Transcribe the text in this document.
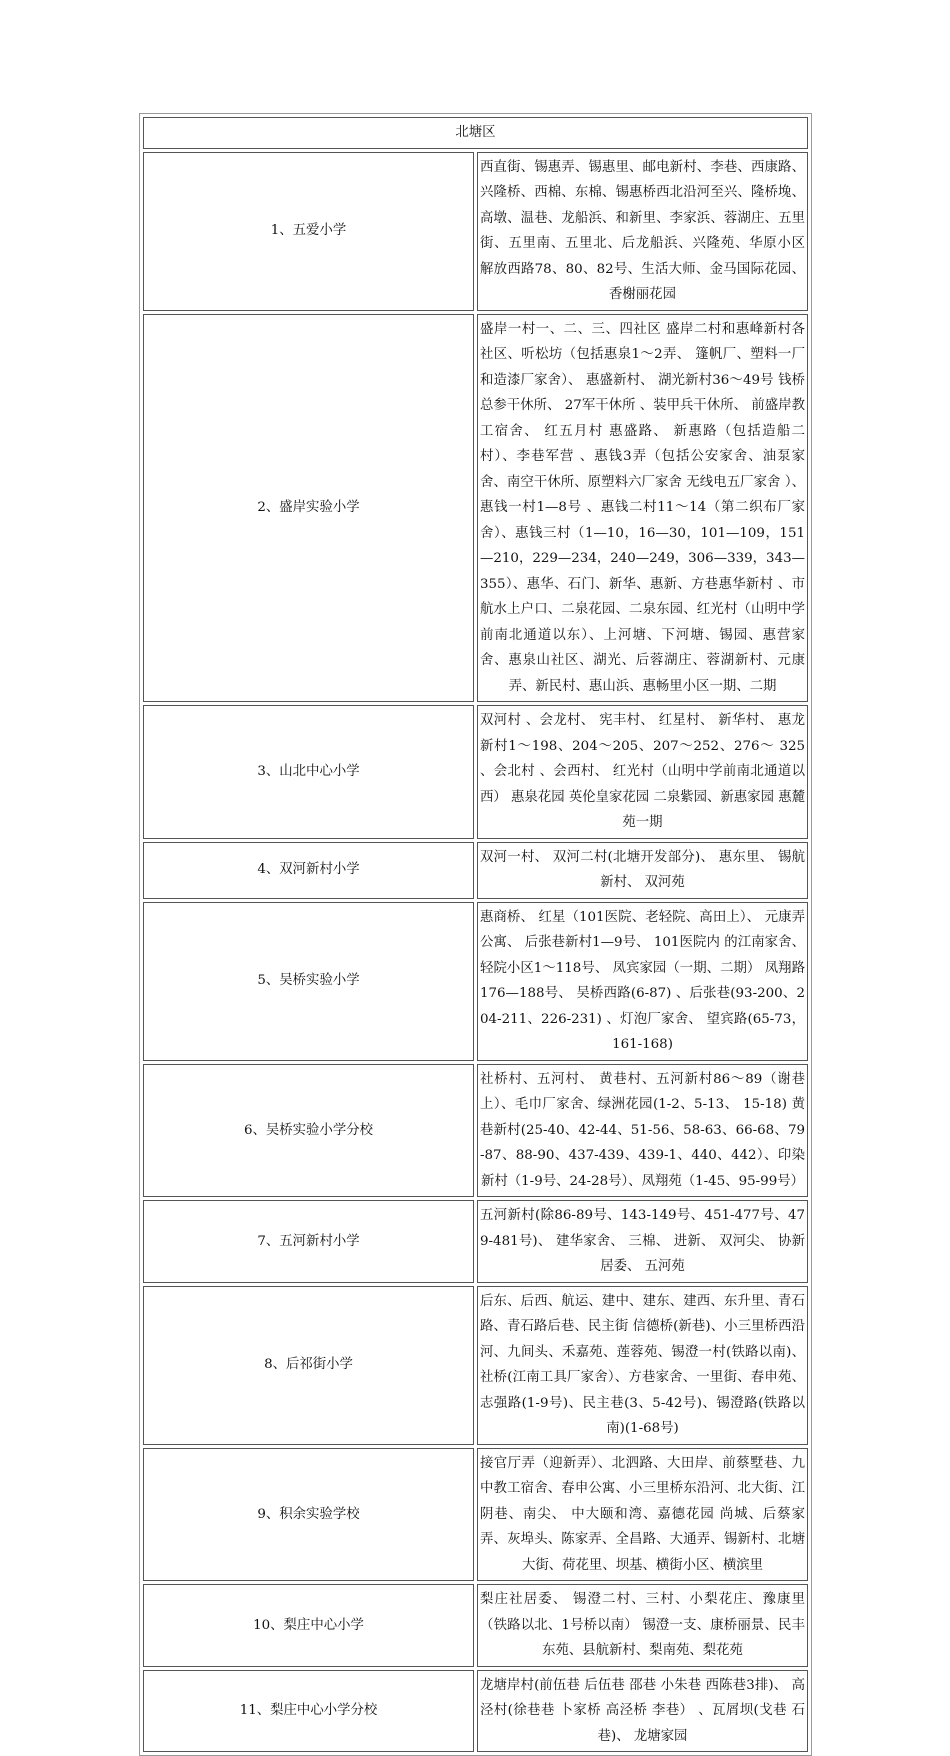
北塘区	
1、五爱小学	西直街、锡惠弄、锡惠里、邮电新村、李巷、西康路、兴隆桥、西棉、东棉、锡惠桥西北沿河至兴、隆桥堍、高墩、温巷、龙船浜、和新里、李家浜、蓉湖庄、五里街、五里南、五里北、后龙船浜、兴隆苑、华原小区 解放西路78、80、82号、生活大师、金马国际花园、香榭丽花园
2、盛岸实验小学	盛岸一村一、二、三、四社区 盛岸二村和惠峰新村各社区、听松坊（包括惠泉1～2弄、 篷帆厂、塑料一厂和造漆厂家舍）、 惠盛新村、 湖光新村36～49号 钱桥总参干休所、 27军干休所 、装甲兵干休所、 前盛岸教工宿舍、 红五月村 惠盛路、 新惠路（包括造船二村）、李巷军营 、惠钱3弄（包括公安家舍、油泵家舍、南空干休所、原塑料六厂家舍 无线电五厂家舍 ）、惠钱一村1—8号 、惠钱二村11～14（第二织布厂家舍）、惠钱三村（1—10，16—30，101—109，151—210，229—234，240—249，306—339，343—355）、惠华、石门、新华、惠新、方巷惠华新村 、市航水上户口、二泉花园、二泉东园、红光村（山明中学前南北通道以东）、上河塘、下河塘、锡园、惠营家舍、惠泉山社区、湖光、后蓉湖庄、蓉湖新村、元康弄、新民村、惠山浜、惠畅里小区一期、二期
3、山北中心小学	双河村 、会龙村、 宪丰村、 红星村、 新华村、 惠龙新村1～198、204～205、207～252、276～ 325 、会北村 、会西村、 红光村（山明中学前南北通道以西） 惠泉花园 英伦皇家花园 二泉紫园、新惠家园 惠麓苑一期
4、双河新村小学	双河一村、 双河二村(北塘开发部分)、 惠东里、 锡航新村、 双河苑
5、吴桥实验小学	惠商桥、 红星（101医院、老轻院、高田上）、 元康弄公寓、 后张巷新村1—9号、 101医院内 的江南家舍、 轻院小区1～118号、 凤宾家园（一期、二期） 凤翔路176—188号、 吴桥西路(6-87) 、后张巷(93-200、204-211、226-231) 、灯泡厂家舍、 望宾路(65-73，161-168)
6、吴桥实验小学分校	社桥村、五河村、 黄巷村、五河新村86～89（谢巷上）、毛巾厂家舍、绿洲花园(1-2、5-13、 15-18) 黄巷新村(25-40、42-44、51-56、58-63、66-68、79-87、88-90、437-439、439-1、440、442）、印染新村（1-9号、24-28号）、凤翔苑（1-45、95-99号）
7、五河新村小学	五河新村(除86-89号、143-149号、451-477号、479-481号)、 建华家舍、 三棉、 进新、 双河尖、 协新居委、 五河苑
8、后祁街小学	后东、后西、航运、建中、建东、建西、东升里、青石路、青石路后巷、民主街 信德桥(新巷)、小三里桥西沿河、九间头、禾嘉苑、莲蓉苑、锡澄一村(铁路以南)、社桥(江南工具厂家舍）、方巷家舍、一里街、春申苑、志强路(1-9号)、民主巷(3、5-42号)、锡澄路(铁路以南)(1-68号)
9、积余实验学校	接官厅弄（迎新弄）、北泗路、大田岸、前蔡墅巷、九中教工宿舍、春申公寓、小三里桥东沿河、北大街、江阴巷、南尖、 中大颐和湾、嘉德花园 尚城、后蔡家弄、灰埠头、陈家弄、全昌路、大通弄、锡新村、北塘大街、荷花里、坝基、横街小区、横滨里
10、梨庄中心小学	梨庄社居委、 锡澄二村、三村、小梨花庄、豫康里（铁路以北、1号桥以南） 锡澄一支、康桥丽景、民丰东苑、县航新村、梨南苑、梨花苑
11、梨庄中心小学分校	龙塘岸村(前伍巷 后伍巷 邵巷 小朱巷 西陈巷3排)、 高泾村(徐巷巷 卜家桥 高泾桥 李巷） 、瓦屑坝(戈巷 石巷)、 龙塘家园
